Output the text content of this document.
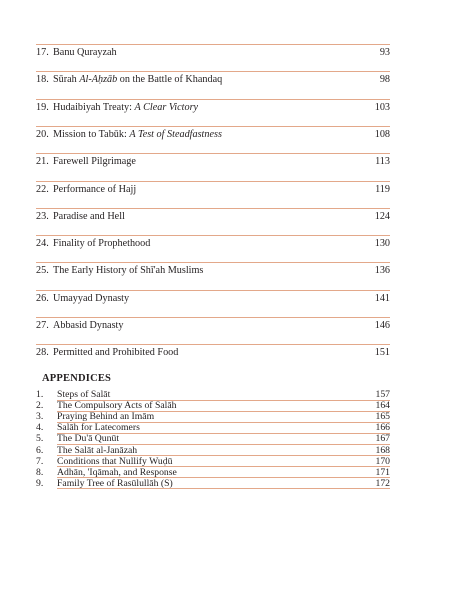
17. Banu Qurayzah	93
18. Sūrah Al-Aḥzāb on the Battle of Khandaq	98
19. Hudaibiyah Treaty: A Clear Victory	103
20. Mission to Tabūk: A Test of Steadfastness	108
21. Farewell Pilgrimage	113
22. Performance of Hajj	119
23. Paradise and Hell	124
24. Finality of Prophethood	130
25. The Early History of Shī'ah Muslims	136
26. Umayyad Dynasty	141
27. Abbasid Dynasty	146
28. Permitted and Prohibited Food	151
APPENDICES
1. Steps of Salāt	157
2. The Compulsory Acts of Salāh	164
3. Praying Behind an Imām	165
4. Salāh for Latecomers	166
5. The Du'ā Qunūt	167
6. The Salāt al-Janāzah	168
7. Conditions that Nullify Wuḍū	170
8. Adhān, 'Iqāmah, and Response	171
9. Family Tree of Rasūlullāh (S)	172
